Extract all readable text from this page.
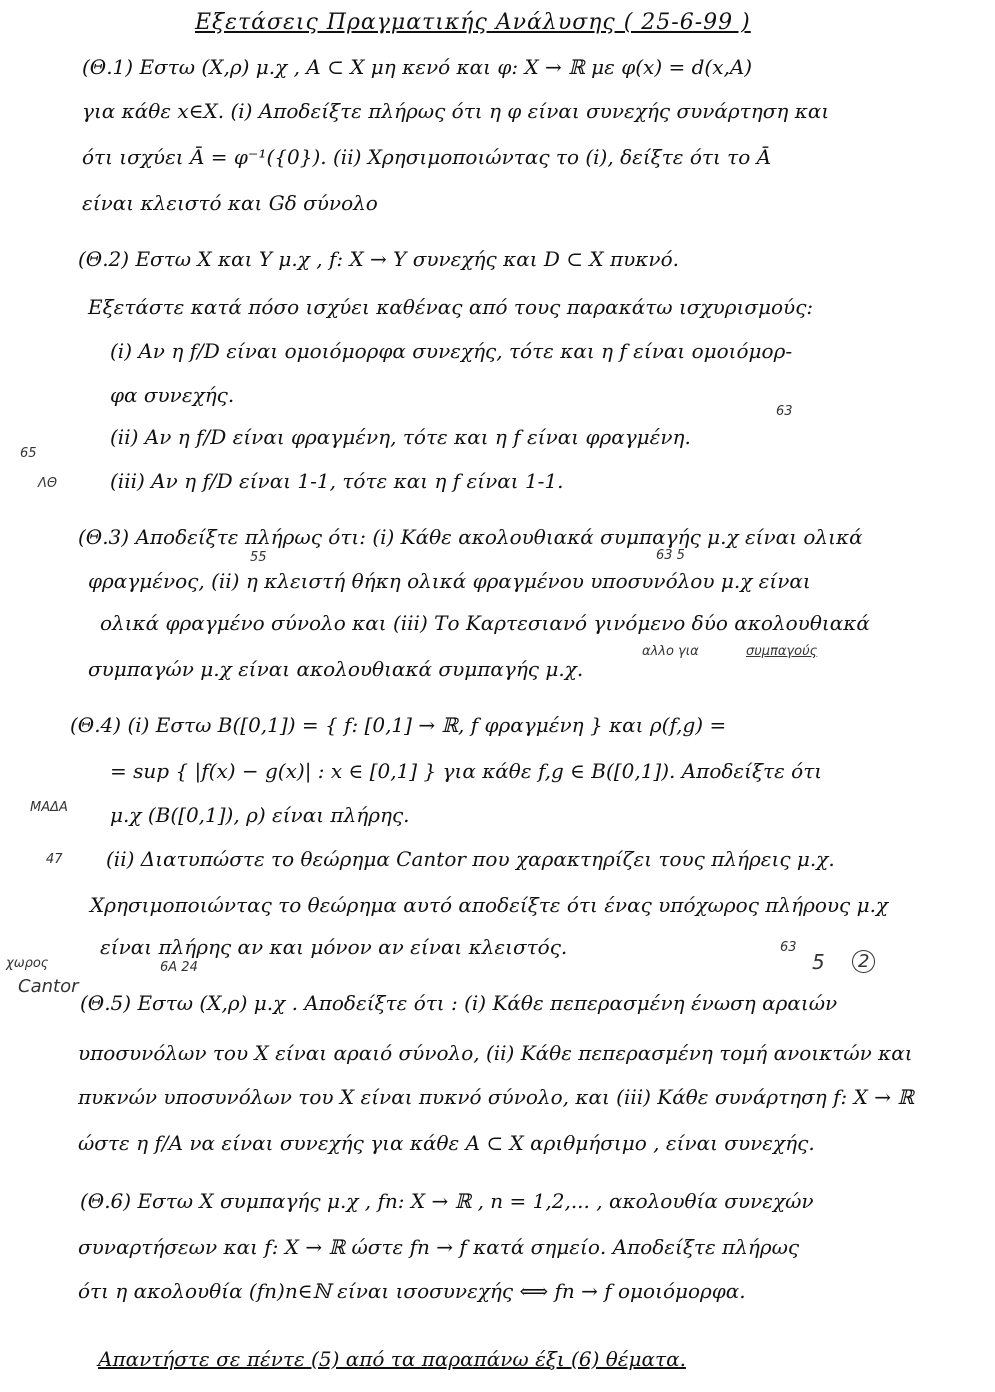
Εξετάσεις Πραγματικής Ανάλυσης ( 25-6-99 )
(Θ.1) Εστω (X,ρ) μ.χ , A ⊂ X μη κενό και φ: X → ℝ με φ(x) = d(x,A)
για κάθε x∈X. (i) Αποδείξτε πλήρως ότι η φ είναι συνεχής συνάρτηση και
ότι ισχύει Ā = φ⁻¹({0}). (ii) Χρησιμοποιώντας το (i), δείξτε ότι το Ā
είναι κλειστό και Gδ σύνολο
(Θ.2) Εστω X και Y μ.χ , f: X → Y συνεχής και D ⊂ X πυκνό.
Εξετάστε κατά πόσο ισχύει καθένας από τους παρακάτω ισχυρισμούς:
(i) Αν η f/D είναι ομοιόμορφα συνεχής, τότε και η f είναι ομοιόμορ-
φα συνεχής.
(ii) Αν η f/D είναι φραγμένη, τότε και η f είναι φραγμένη.
(iii) Αν η f/D είναι 1-1, τότε και η f είναι 1-1.
(Θ.3) Αποδείξτε πλήρως ότι: (i) Κάθε ακολουθιακά συμπαγής μ.χ είναι ολικά
φραγμένος, (ii) η κλειστή θήκη ολικά φραγμένου υποσυνόλου μ.χ είναι
ολικά φραγμένο σύνολο και (iii) Το Καρτεσιανό γινόμενο δύο ακολουθιακά
συμπαγών μ.χ είναι ακολουθιακά συμπαγής μ.χ.
(Θ.4) (i) Εστω B([0,1]) = { f: [0,1] → ℝ, f φραγμένη } και ρ(f,g) =
= sup { |f(x) − g(x)| : x ∈ [0,1] } για κάθε f,g ∈ B([0,1]). Αποδείξτε ότι
μ.χ (B([0,1]), ρ) είναι πλήρης.
(ii) Διατυπώστε το θεώρημα Cantor που χαρακτηρίζει τους πλήρεις μ.χ.
Χρησιμοποιώντας το θεώρημα αυτό αποδείξτε ότι ένας υπόχωρος πλήρους μ.χ
είναι πλήρης αν και μόνον αν είναι κλειστός.
(Θ.5) Εστω (X,ρ) μ.χ . Αποδείξτε ότι : (i) Κάθε πεπερασμένη ένωση αραιών
υποσυνόλων του X είναι αραιό σύνολο, (ii) Κάθε πεπερασμένη τομή ανοικτών και
πυκνών υποσυνόλων του X είναι πυκνό σύνολο, και (iii) Κάθε συνάρτηση f: X → ℝ
ώστε η f/A να είναι συνεχής για κάθε A ⊂ X αριθμήσιμο , είναι συνεχής.
(Θ.6) Εστω X συμπαγής μ.χ , fn: X → ℝ , n = 1,2,... , ακολουθία συνεχών
συναρτήσεων και f: X → ℝ ώστε fn → f κατά σημείο. Αποδείξτε πλήρως
ότι η ακολουθία (fn)n∈ℕ είναι ισοσυνεχής ⟺ fn → f ομοιόμορφα.
Απαντήστε σε πέντε (5) από τα παραπάνω έξι (6) θέματα.
65
ΛΘ
63
55	63 5
αλλο για	συμπαγούς
ΜΑΔΑ
47
χωρος
Cantor
6Α 24	5	2
63
